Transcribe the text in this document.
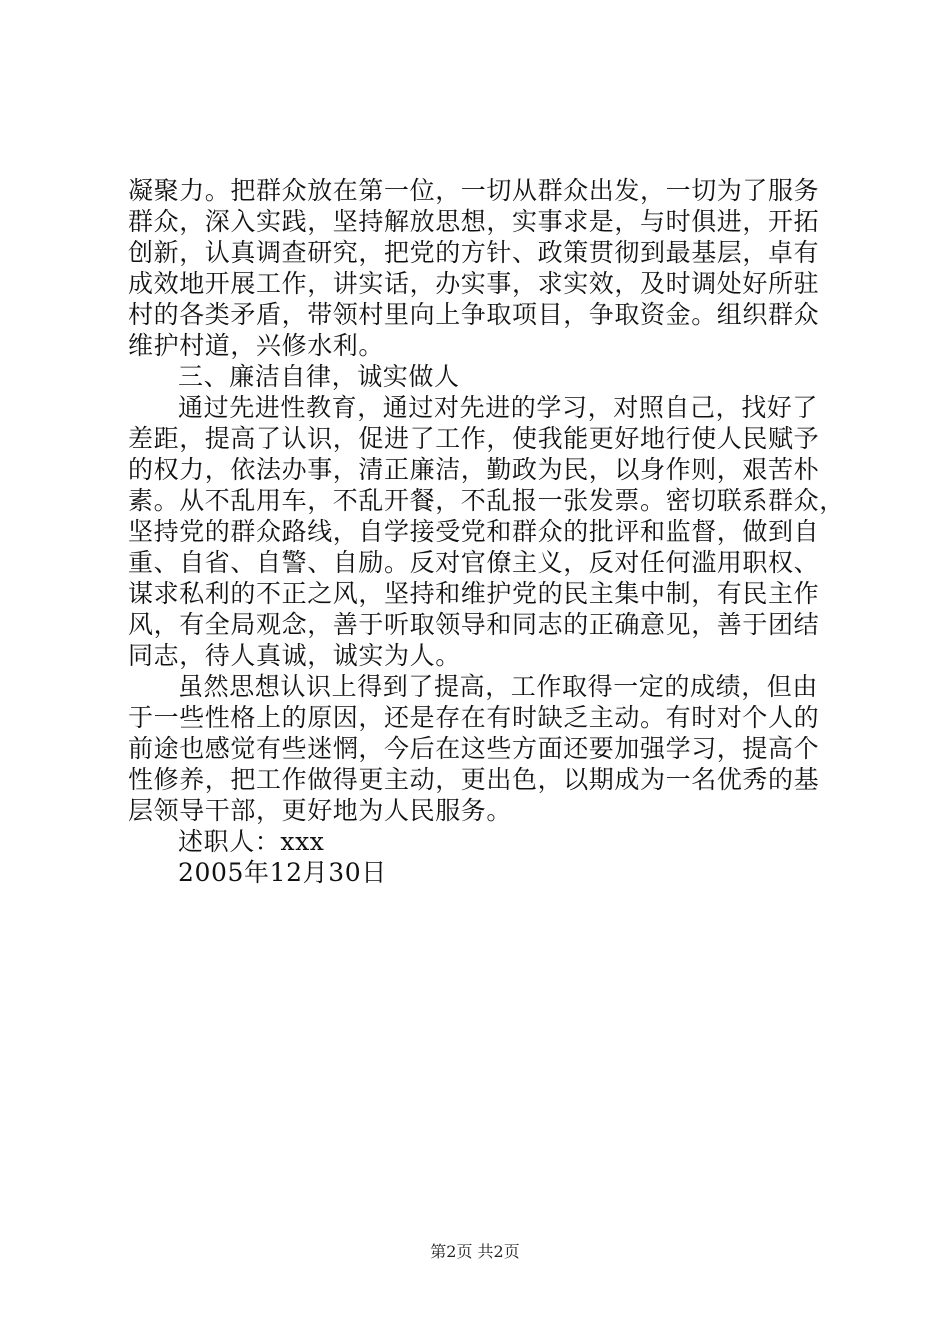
凝聚力。把群众放在第一位，一切从群众出发，一切为了服务
群众，深入实践，坚持解放思想，实事求是，与时俱进，开拓
创新，认真调查研究，把党的方针、政策贯彻到最基层，卓有
成效地开展工作，讲实话，办实事，求实效，及时调处好所驻
村的各类矛盾，带领村里向上争取项目，争取资金。组织群众
维护村道，兴修水利。
三、廉洁自律，诚实做人
通过先进性教育，通过对先进的学习，对照自己，找好了
差距，提高了认识，促进了工作，使我能更好地行使人民赋予
的权力，依法办事，清正廉洁，勤政为民，以身作则，艰苦朴
素。从不乱用车，不乱开餐，不乱报一张发票。密切联系群众，
坚持党的群众路线，自学接受党和群众的批评和监督，做到自
重、自省、自警、自励。反对官僚主义，反对任何滥用职权、
谋求私利的不正之风，坚持和维护党的民主集中制，有民主作
风，有全局观念，善于听取领导和同志的正确意见，善于团结
同志，待人真诚，诚实为人。
虽然思想认识上得到了提高，工作取得一定的成绩，但由
于一些性格上的原因，还是存在有时缺乏主动。有时对个人的
前途也感觉有些迷惘，今后在这些方面还要加强学习，提高个
性修养，把工作做得更主动，更出色，以期成为一名优秀的基
层领导干部，更好地为人民服务。
述职人：xxx
2005年12月30日
第2页 共2页
